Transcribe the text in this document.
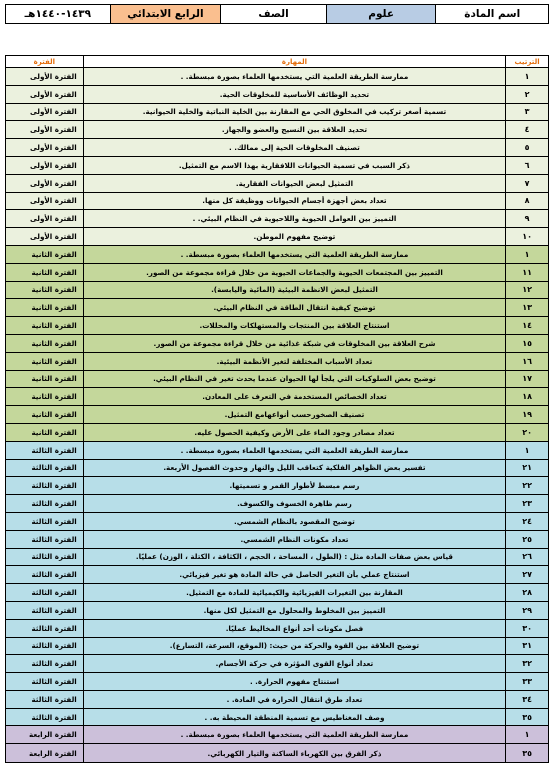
اسم المادة
علوم
الصف
الرابع الابتدائي
١٤٣٩-١٤٤٠هـ
الترتيب
المهارة
الفترة
١
ممارسة الطريقة العلمية التي يستخدمها العلماء بصورة مبسطة. .
الفترة الأولى
٢
تحديد الوظائف الأساسية للمخلوقات الحية.
الفترة الأولى
٣
تسمية أصغر تركيب في المخلوق الحي مع المقارنة بين الخلية النباتية والخلية الحيوانية.
الفترة الأولى
٤
تحديد العلاقة بين النسيج والعضو والجهاز.
الفترة الأولى
٥
تصنيف المخلوقات الحية إلى ممالك. .
الفترة الأولى
٦
ذكر السبب في تسمية الحيوانات اللافقارية بهذا الاسم مع التمثيل.
الفترة الأولى
٧
التمثيل لبعض الحيوانات الفقارية.
الفترة الأولى
٨
تعداد بعض أجهزة أجسام الحيوانات ووظيفة كل منها.
الفترة الأولى
٩
التمييز بين العوامل الحيوية واللاحيوية في النظام البيئي. .
الفترة الأولى
١٠
توضيح مفهوم الموطن.
الفترة الأولى
١
ممارسة الطريقة العلمية التي يستخدمها العلماء بصورة مبسطة. .
الفترة الثانية
١١
التمييز بين المجتمعات الحيوية والجماعات الحيوية من خلال قراءة مجموعة من الصور.
الفترة الثانية
١٢
التمثيل لبعض الانظمة البيئية (المائية واليابسة).
الفترة الثانية
١٣
توضيح كيفية انتقال الطاقة في النظام البيئي.
الفترة الثانية
١٤
استنتاج العلاقة بين المنتجات والمستهلكات والمحللات.
الفترة الثانية
١٥
شرح العلاقة بين المخلوقات في شبكة غذائية من خلال قراءة مجموعة من الصور.
الفترة الثانية
١٦
تعداد الأسباب المختلفة لتغير الأنظمة البيئية.
الفترة الثانية
١٧
توضيح بعض السلوكيات التي يلجأ لها الحيوان عندما يحدث تغير في النظام البيئي.
الفترة الثانية
١٨
تعداد الخصائص المستخدمة في التعرف على المعادن.
الفترة الثانية
١٩
تصنيف الصخورحسب أنواعهامع التمثيل.
الفترة الثانية
٢٠
تعداد مصادر وجود الماء على الأرض وكيفية الحصول عليه.
الفترة الثانية
١
ممارسة الطريقة العلمية التي يستخدمها العلماء بصورة مبسطة. .
الفترة الثالثة
٢١
تفسير بعض الظواهر الفلكية كتعاقب الليل والنهار وحدوث الفصول الأربعة.
الفترة الثالثة
٢٢
رسم مبسط لأطوار القمر و تسميتها.
الفترة الثالثة
٢٣
رسم ظاهرة الخسوف والكسوف.
الفترة الثالثة
٢٤
توضيح المقصود بالنظام الشمسي.
الفترة الثالثة
٢٥
تعداد مكونات النظام الشمسي.
الفترة الثالثة
٢٦
قياس بعض صفات المادة مثل : (الطول ، المساحة ، الحجم ، الكثافة ، الكتلة ، الوزن) عمليًا.
الفترة الثالثة
٢٧
استنتاج عملي بأن التغير الحاصل في حالة المادة هو تغير فيزيائي.
الفترة الثالثة
٢٨
المقارنة بين التغيرات الفيزيائية والكيميائية للمادة مع التمثيل.
الفترة الثالثة
٢٩
التمييز بين المخلوط والمحلول مع التمثيل لكل منها.
الفترة الثالثة
٣٠
فصل مكونات أحد أنواع المخاليط عمليًا.
الفترة الثالثة
٣١
توضيح العلاقة بين القوة والحركة من حيث: (الموقع، السرعة، التسارع).
الفترة الثالثة
٣٢
تعداد أنواع القوى المؤثرة في حركة الأجسام.
الفترة الثالثة
٣٣
استنتاج مفهوم الحرارة. .
الفترة الثالثة
٣٤
تعداد طرق انتقال الحرارة في المادة. .
الفترة الثالثة
٣٥
وصف المغناطيس مع تسمية المنطقة المحيطة به. .
الفترة الثالثة
١
ممارسة الطريقة العلمية التي يستخدمها العلماء بصورة مبسطة. .
الفترة الرابعة
٣٥
ذكر الفرق بين الكهرباء الساكنة والتيار الكهربائي.
الفترة الرابعة
